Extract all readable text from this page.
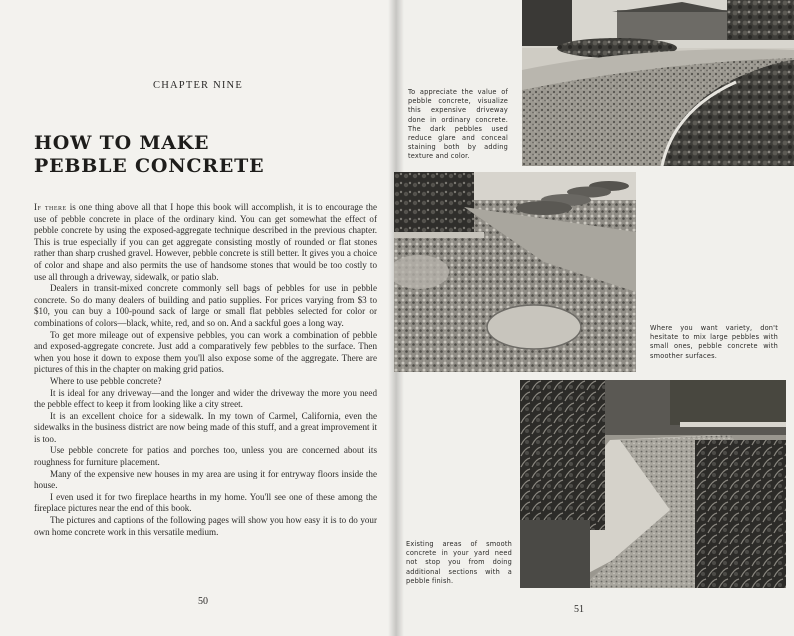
CHAPTER NINE
HOW TO MAKE
PEBBLE CONCRETE

If there is one thing above all that I hope this book will accomplish, it is to encourage the use of pebble concrete in place of the ordinary kind. You can get somewhat the effect of pebble concrete by using the exposed-aggregate technique described in the previous chapter. This is true especially if you can get aggregate consisting mostly of rounded or flat stones rather than sharp crushed gravel. However, pebble concrete is still better. It gives you a choice of color and shape and also permits the use of handsome stones that would be too costly to use all through a driveway, sidewalk, or patio slab.

Dealers in transit-mixed concrete commonly sell bags of pebbles for use in pebble concrete. So do many dealers of building and patio supplies. For prices varying from $3 to $10, you can buy a 100-pound sack of large or small flat pebbles selected for color or combinations of colors—black, white, red, and so on. And a sackful goes a long way.

To get more mileage out of expensive pebbles, you can work a combination of pebble and exposed-aggregate concrete. Just add a comparatively few pebbles to the surface. Then when you hose it down to expose them you'll also expose some of the aggregate. There are pictures of this in the chapter on making grid patios.

Where to use pebble concrete?

It is ideal for any driveway—and the longer and wider the driveway the more you need the pebble effect to keep it from looking like a city street.

It is an excellent choice for a sidewalk. In my town of Carmel, California, even the sidewalks in the business district are now being made of this stuff, and a great improvement it is too.

Use pebble concrete for patios and porches too, unless you are concerned about its roughness for furniture placement.

Many of the expensive new houses in my area are using it for entryway floors inside the house.

I even used it for two fireplace hearths in my home. You'll see one of these among the fireplace pictures near the end of this book.

The pictures and captions of the following pages will show you how easy it is to do your own home concrete work in this versatile medium.

50
To appreciate the value of pebble concrete, visualize this expensive driveway done in ordinary concrete. The dark pebbles used reduce glare and conceal staining both by adding texture and color.
Where you want variety, don't hesitate to mix large pebbles with small ones, pebble concrete with smoother surfaces.
Existing areas of smooth concrete in your yard need not stop you from doing additional sections with a pebble finish.
51
